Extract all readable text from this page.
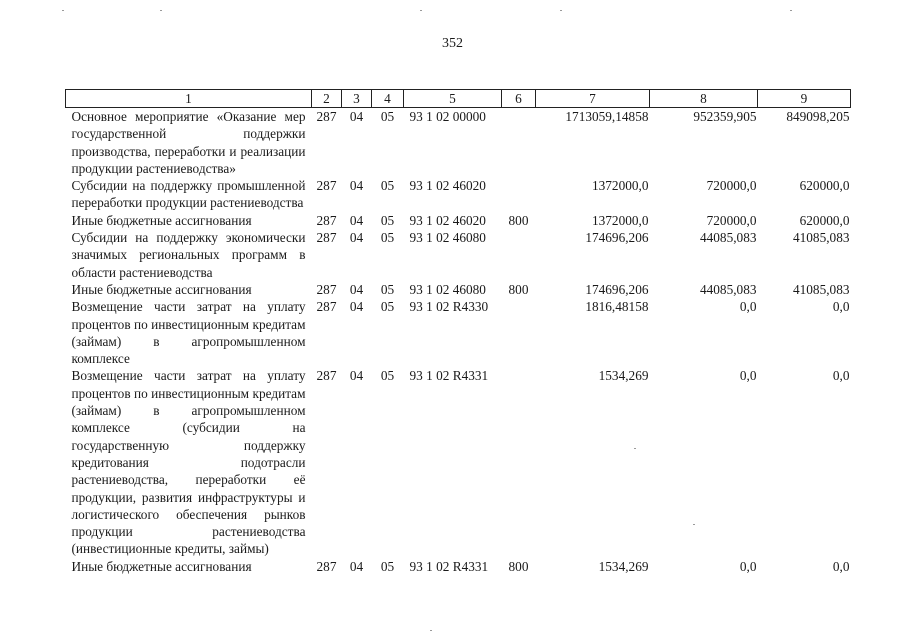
352
1	2	3	4	5	6	7	8	9
Основное мероприятие «Оказание мер государственной поддержки производства, переработки и реализации продукции растениеводства»	287	04	05	93 1 02 00000		1713059,14858	952359,905	849098,205
Субсидии на поддержку промышленной переработки продукции растениеводства	287	04	05	93 1 02 46020		1372000,0	720000,0	620000,0
Иные бюджетные ассигнования	287	04	05	93 1 02 46020	800	1372000,0	720000,0	620000,0
Субсидии на поддержку экономически значимых региональных программ в области растениеводства	287	04	05	93 1 02 46080		174696,206	44085,083	41085,083
Иные бюджетные ассигнования	287	04	05	93 1 02 46080	800	174696,206	44085,083	41085,083
Возмещение части затрат на уплату процентов по инвестиционным кредитам (займам) в агропромышленном комплексе	287	04	05	93 1 02 R4330		1816,48158	0,0	0,0
Возмещение части затрат на уплату процентов по инвестиционным кредитам (займам) в агропромышленном комплексе (субсидии на государственную поддержку кредитования подотрасли растениеводства, переработки её продукции, развития инфраструктуры и логистического обеспечения рынков продукции растениеводства (инвестиционные кредиты, займы)	287	04	05	93 1 02 R4331		1534,269	0,0	0,0
Иные бюджетные ассигнования	287	04	05	93 1 02 R4331	800	1534,269	0,0	0,0
